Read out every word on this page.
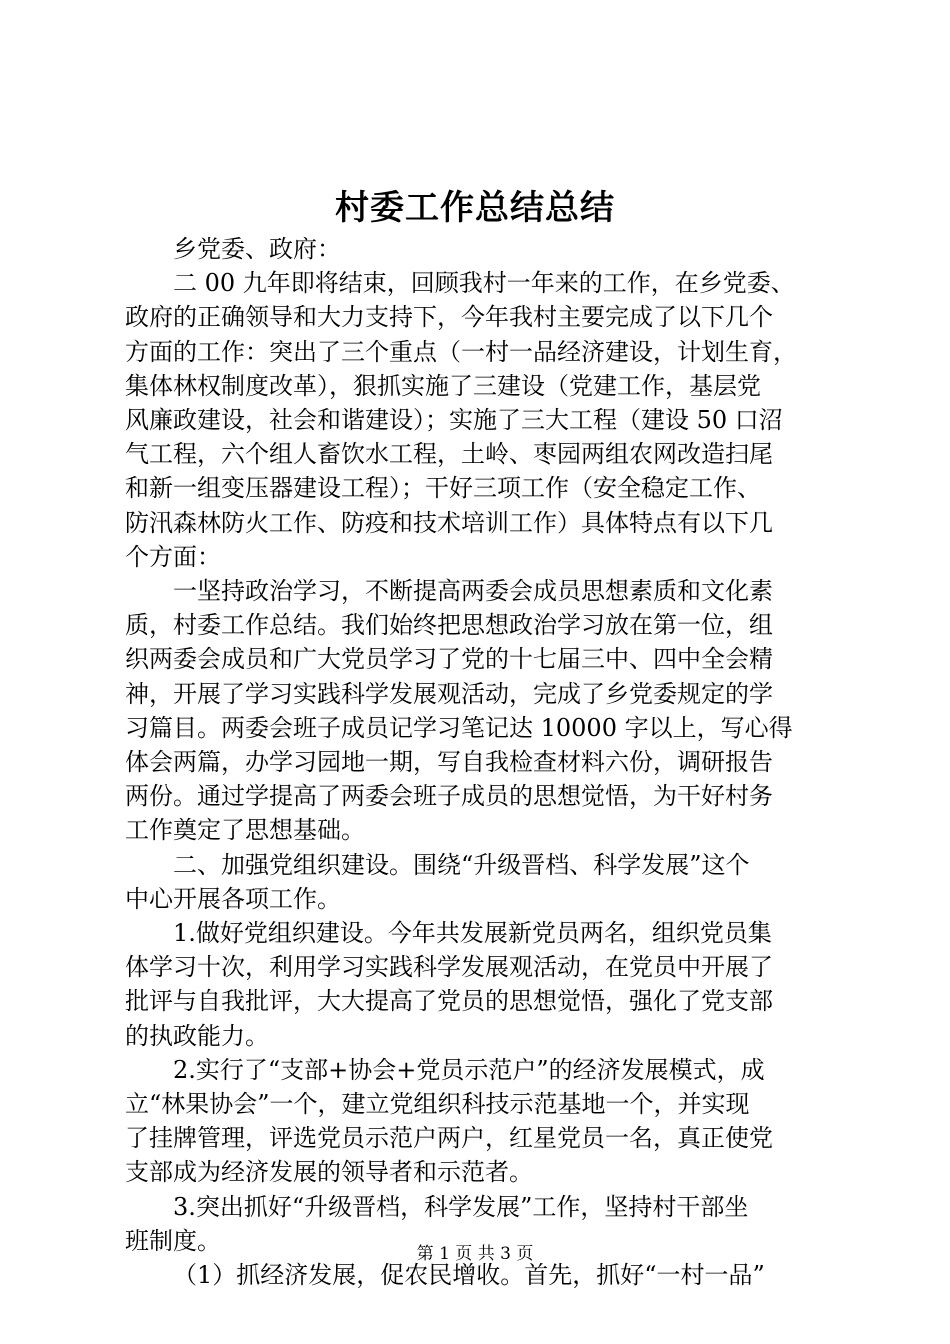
村委工作总结总结
乡党委、政府：
二 00 九年即将结束，回顾我村一年来的工作，在乡党委、
政府的正确领导和大力支持下，今年我村主要完成了以下几个
方面的工作：突出了三个重点（一村一品经济建设，计划生育，
集体林权制度改革），狠抓实施了三建设（党建工作，基层党
风廉政建设，社会和谐建设）；实施了三大工程（建设 50 口沼
气工程，六个组人畜饮水工程，土岭、枣园两组农网改造扫尾
和新一组变压器建设工程）；干好三项工作（安全稳定工作、
防汛森林防火工作、防疫和技术培训工作）具体特点有以下几
个方面：
一坚持政治学习，不断提高两委会成员思想素质和文化素
质，村委工作总结。我们始终把思想政治学习放在第一位，组
织两委会成员和广大党员学习了党的十七届三中、四中全会精
神，开展了学习实践科学发展观活动，完成了乡党委规定的学
习篇目。两委会班子成员记学习笔记达 10000 字以上，写心得
体会两篇，办学习园地一期，写自我检查材料六份，调研报告
两份。通过学提高了两委会班子成员的思想觉悟，为干好村务
工作奠定了思想基础。
二、加强党组织建设。围绕“升级晋档、科学发展”这个
中心开展各项工作。
1.做好党组织建设。今年共发展新党员两名，组织党员集
体学习十次，利用学习实践科学发展观活动，在党员中开展了
批评与自我批评，大大提高了党员的思想觉悟，强化了党支部
的执政能力。
2.实行了“支部+协会+党员示范户”的经济发展模式，成
立“林果协会”一个，建立党组织科技示范基地一个，并实现
了挂牌管理，评选党员示范户两户，红星党员一名，真正使党
支部成为经济发展的领导者和示范者。
3.突出抓好“升级晋档，科学发展”工作，坚持村干部坐
班制度。
（1）抓经济发展，促农民增收。首先，抓好“一村一品”
第 1 页 共 3 页
